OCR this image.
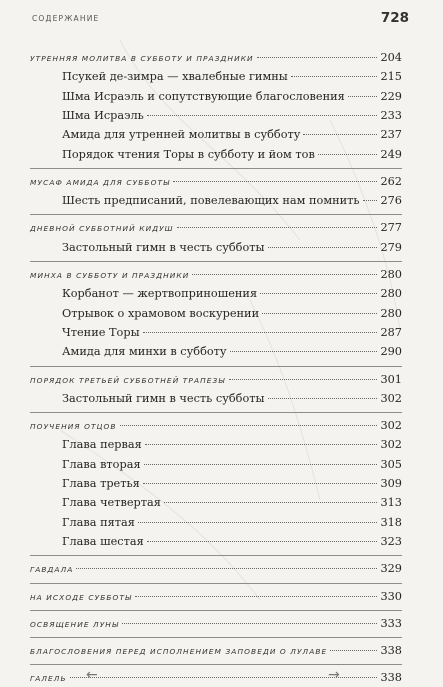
СОДЕРЖАНИЕ	728
УТРЕННЯЯ МОЛИТВА В СУББОТУ И ПРАЗДНИКИ	204
Псукей де-зимра — хвалебные гимны	215
Шма Исраэль и сопутствующие благословения	229
Шма Исраэль	233
Амида для утренней молитвы в субботу	237
Порядок чтения Торы в субботу и йом тов	249
МУСАФ АМИДА ДЛЯ СУББОТЫ	262
Шесть предписаний, повелевающих нам помнить 276
ДНЕВНОЙ СУББОТНИЙ КИДУШ	277
Застольный гимн в честь субботы	279
МИНХА В СУББОТУ И ПРАЗДНИКИ	280
Корбанот — жертвоприношения	280
Отрывок о храмовом воскурении	280
Чтение Торы	287
Амида для минхи в субботу	290
ПОРЯДОК ТРЕТЬЕЙ СУББОТНЕЙ ТРАПЕЗЫ	301
Застольный гимн в честь субботы	302
ПОУЧЕНИЯ ОТЦОВ	302
Глава первая	302
Глава вторая	305
Глава третья	309
Глава четвертая	313
Глава пятая	318
Глава шестая	323
ГАВДАЛА	329
НА ИСХОДЕ СУББОТЫ	330
ОСВЯЩЕНИЕ ЛУНЫ	333
БЛАГОСЛОВЕНИЯ ПЕРЕД ИСПОЛНЕНИЕМ ЗАПОВЕДИ О ЛУЛАВЕ	338
ГАЛЕЛЬ	338
←	→
